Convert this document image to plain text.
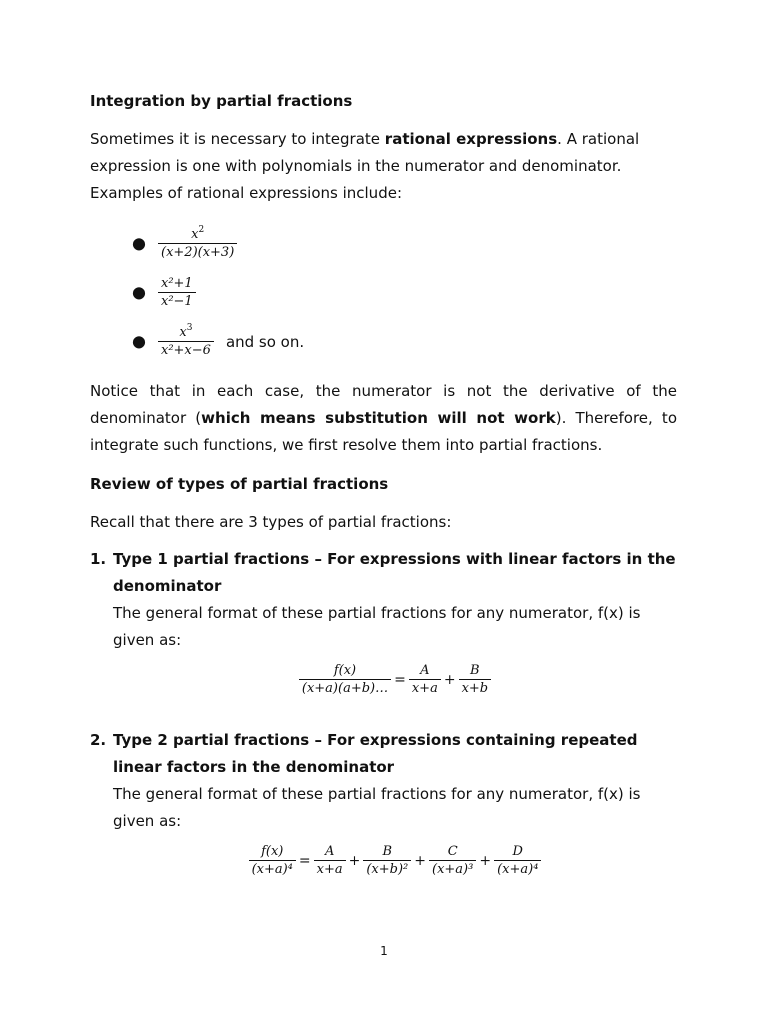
Integration by partial fractions

Sometimes it is necessary to integrate rational expressions. A rational expression is one with polynomials in the numerator and denominator. Examples of rational expressions include:

● $\frac{x^2}{(x+2)(x+3)}$
● $\frac{\text{x²+1}}{\text{x²−1}}$
● $\frac{x^3}{\text{x²+x−6}}$ and so on.

Notice that in each case, the numerator is not the derivative of the denominator (which means substitution will not work). Therefore, to integrate such functions, we first resolve them into partial fractions.

Review of types of partial fractions

Recall that there are 3 types of partial fractions:

1. Type 1 partial fractions – For expressions with linear factors in the denominator

The general format of these partial fractions for any numerator, f(x) is given as:

$\frac{f(x)}{(x+a)(a+b)\dots} = \frac{A}{x+a} + \frac{B}{x+b}$
2. Type 2 partial fractions – For expressions containing repeated linear factors in the denominator

The general format of these partial fractions for any numerator, f(x) is given as:

$\frac{f(x)}{\text{(x+a)⁴}} = \frac{A}{x+a} + \frac{B}{\text{(x+b)²}} + \frac{C}{\text{(x+a)³}} + \frac{D}{\text{(x+a)⁴}}$
1
